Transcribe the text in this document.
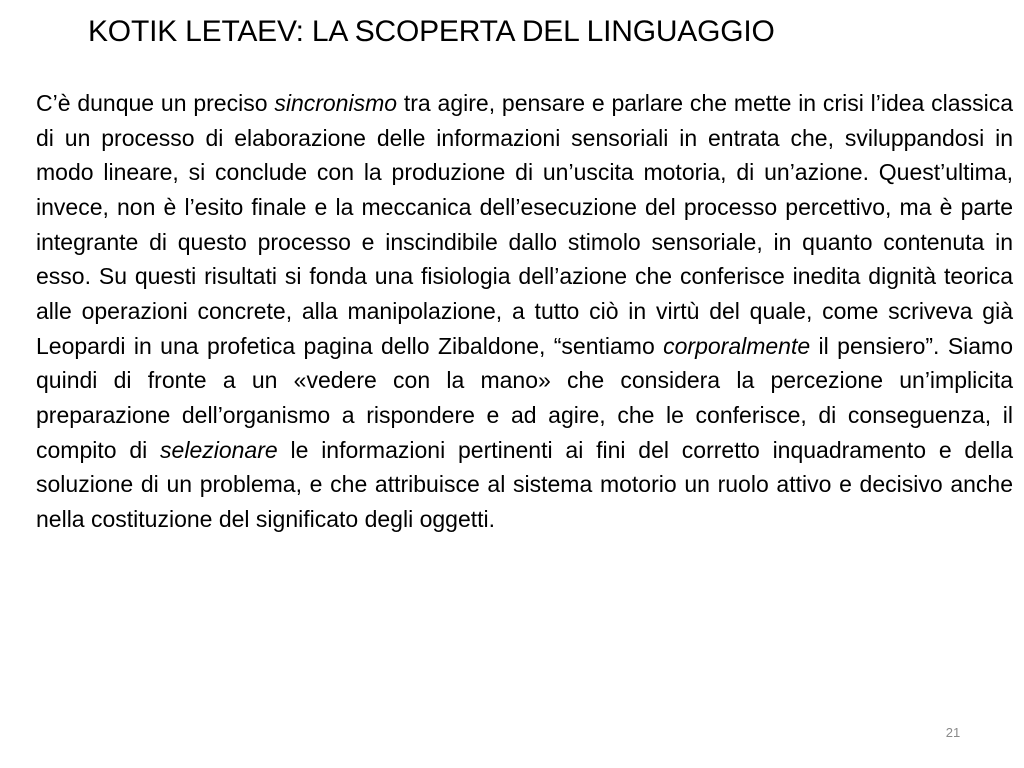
KOTIK LETAEV: LA SCOPERTA DEL LINGUAGGIO

C’è dunque un preciso sincronismo tra agire, pensare e parlare che mette in crisi l’idea classica di un processo di elaborazione delle informazioni sensoriali in entrata che, sviluppandosi in modo lineare, si conclude con la produzione di un’uscita motoria, di un’azione. Quest’ultima, invece, non è l’esito finale e la meccanica dell’esecuzione del processo percettivo, ma è parte integrante di questo processo e inscindibile dallo stimolo sensoriale, in quanto contenuta in esso. Su questi risultati si fonda una fisiologia dell’azione che conferisce inedita dignità teorica alle operazioni concrete, alla manipolazione, a tutto ciò in virtù del quale, come scriveva già Leopardi in una profetica pagina dello Zibaldone, “sentiamo corporalmente il pensiero”. Siamo quindi di fronte a un «vedere con la mano» che considera la percezione un’implicita preparazione dell’organismo a rispondere e ad agire, che le conferisce, di conseguenza, il compito di selezionare le informazioni pertinenti ai fini del corretto inquadramento e della soluzione di un problema, e che attribuisce al sistema motorio un ruolo attivo e decisivo anche nella costituzione del significato degli oggetti.

21
